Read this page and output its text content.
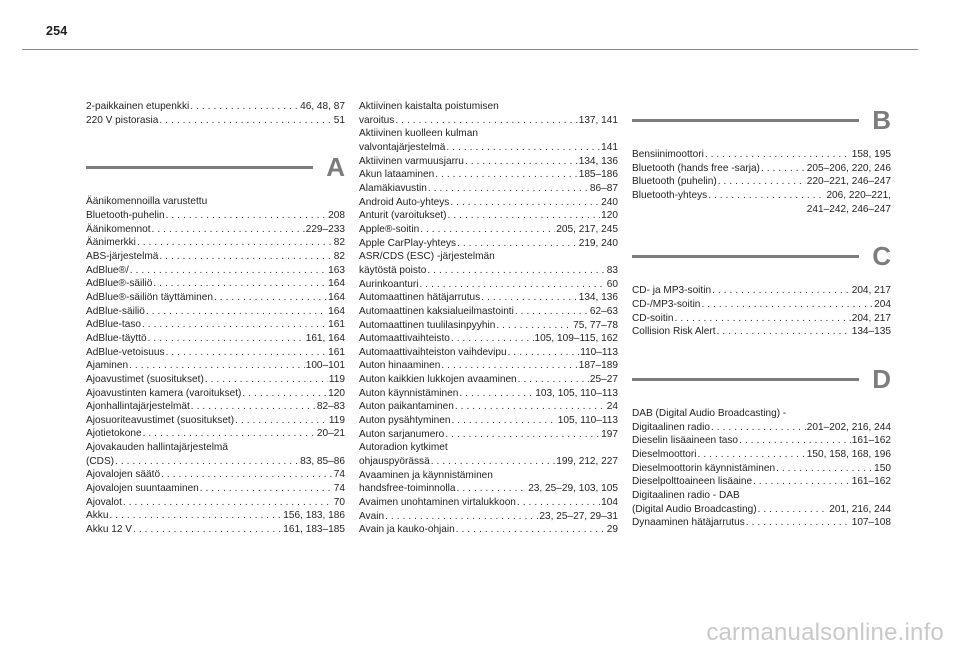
254
2-paikkainen etupenkki . . .	46, 48, 87
220 V pistorasia . . .	51
A
Äänikomennoilla varustettu
Bluetooth-puhelin . . .	208
Äänikomennot . . .	229–233
Äänimerkki . . .	82
ABS-järjestelmä . . .	82
AdBlue®/ . . .	163
AdBlue®-säiliö . . .	164
AdBlue®-säiliön täyttäminen . . .	164
AdBlue-säiliö . . .	164
AdBlue-taso . . .	161
AdBlue-täyttö . . .	161, 164
AdBlue-vetoisuus . . .	161
Ajaminen . . .	100–101
Ajoavustimet (suositukset) . . .	119
Ajoavustinten kamera (varoitukset) . . .	120
Ajonhallintajärjestelmät . . .	82–83
Ajosuoriteavustimet (suositukset) . . .	119
Ajotietokone . . .	20–21
Ajovakauden hallintajärjestelmä
(CDS) . . .	83, 85–86
Ajovalojen säätö . . .	74
Ajovalojen suuntaaminen . . .	74
Ajovalot . . .	70
Akku . . .	156, 183, 186
Akku 12 V . . .	161, 183–185
Aktiivinen kaistalta poistumisen
varoitus . . .	137, 141
Aktiivinen kuolleen kulman
valvontajärjestelmä . . .	141
Aktiivinen varmuusjarru . . .	134, 136
Akun lataaminen . . .	185–186
Alamäkiavustin . . .	86–87
Android Auto-yhteys . . .	240
Anturit (varoitukset) . . .	120
Apple®-soitin . . .	205, 217, 245
Apple CarPlay-yhteys . . .	219, 240
ASR/CDS (ESC) -järjestelmän
käytöstä poisto . . .	83
Aurinkoanturi . . .	60
Automaattinen hätäjarrutus . . .	134, 136
Automaattinen kaksialueilmastointi . . .	62–63
Automaattinen tuulilasinpyyhin . . .	75, 77–78
Automaattivaihteisto . . .	105, 109–115, 162
Automaattivaihteiston vaihdevipu . . .	110–113
Auton hinaaminen . . .	187–189
Auton kaikkien lukkojen avaaminen . . .	25–27
Auton käynnistäminen . . .	103, 105, 110–113
Auton paikantaminen . . .	24
Auton pysähtyminen . . .	105, 110–113
Auton sarjanumero . . .	197
Autoradion kytkimet
ohjauspyörässä . . .	199, 212, 227
Avaaminen ja käynnistäminen
handsfree-toiminnolla . . .	23, 25–29, 103, 105
Avaimen unohtaminen virtalukkoon . . .	104
Avain . . .	23, 25–27, 29–31
Avain ja kauko-ohjain . . .	29
B
Bensiinimoottori . . .	158, 195
Bluetooth (hands free -sarja) . . .	205–206, 220, 246
Bluetooth (puhelin) . . .	220–221, 246–247
Bluetooth-yhteys . . .	206, 220–221,
241–242, 246–247
C
CD- ja MP3-soitin . . .	204, 217
CD-/MP3-soitin . . .	204
CD-soitin . . .	204, 217
Collision Risk Alert . . .	134–135
D
DAB (Digital Audio Broadcasting) -
Digitaalinen radio . . .	201–202, 216, 244
Dieselin lisäaineen taso . . .	161–162
Dieselmoottori . . .	150, 158, 168, 196
Dieselmoottorin käynnistäminen . . .	150
Dieselpolttoaineen lisäaine . . .	161–162
Digitaalinen radio - DAB
(Digital Audio Broadcasting) . . .	201, 216, 244
Dynaaminen hätäjarrutus . . .	107–108
carmanualsonline.info
